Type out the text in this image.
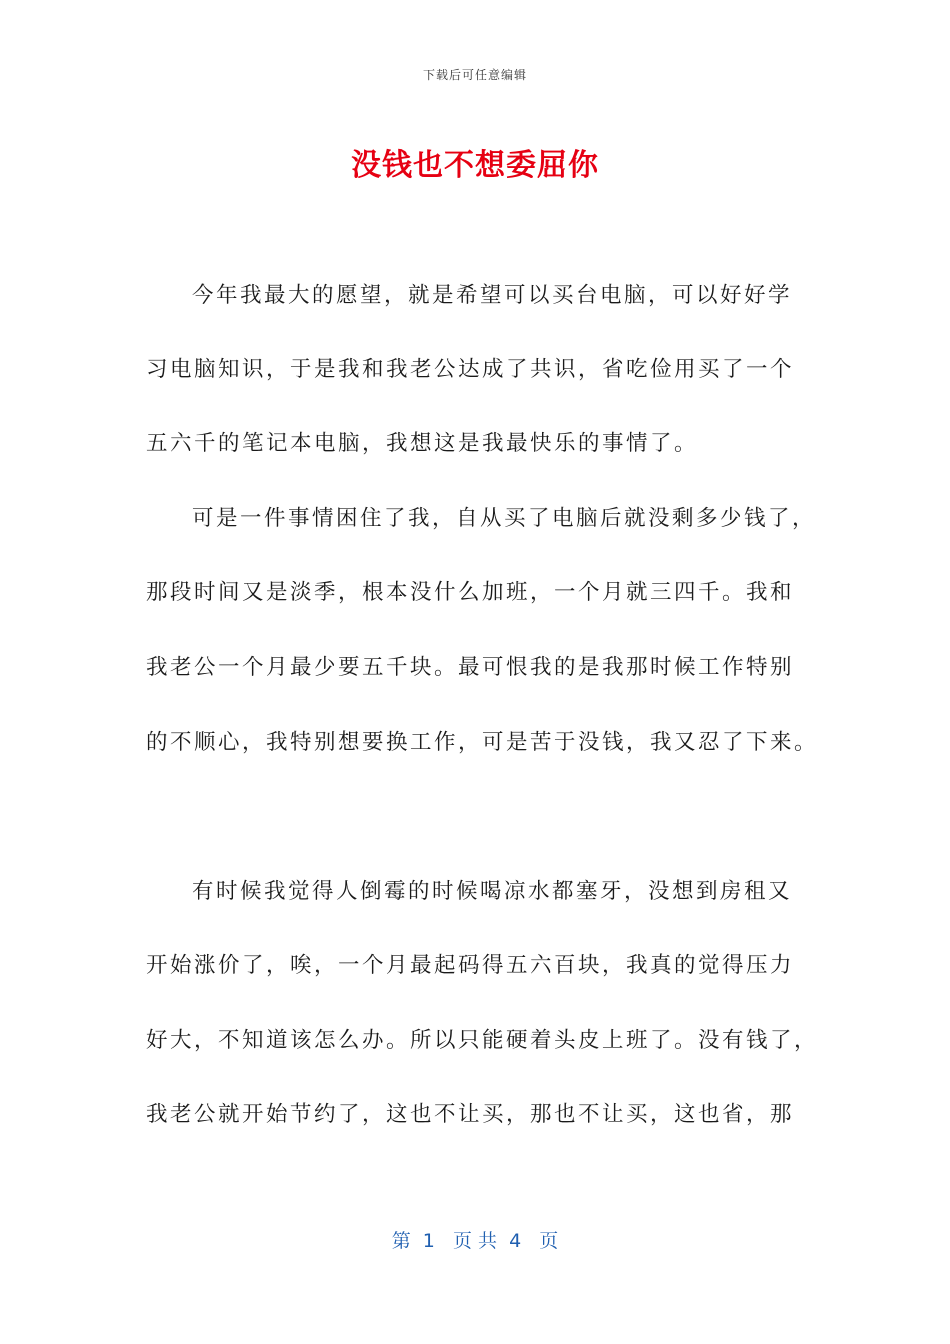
下载后可任意编辑
没钱也不想委屈你
今年我最大的愿望，就是希望可以买台电脑，可以好好学
习电脑知识，于是我和我老公达成了共识，省吃俭用买了一个
五六千的笔记本电脑，我想这是我最快乐的事情了。
可是一件事情困住了我，自从买了电脑后就没剩多少钱了，
那段时间又是淡季，根本没什么加班，一个月就三四千。我和
我老公一个月最少要五千块。最可恨我的是我那时候工作特别
的不顺心，我特别想要换工作，可是苦于没钱，我又忍了下来。
有时候我觉得人倒霉的时候喝凉水都塞牙，没想到房租又
开始涨价了，唉，一个月最起码得五六百块，我真的觉得压力
好大，不知道该怎么办。所以只能硬着头皮上班了。没有钱了，
我老公就开始节约了，这也不让买，那也不让买，这也省，那
第  1   页 共  4   页
